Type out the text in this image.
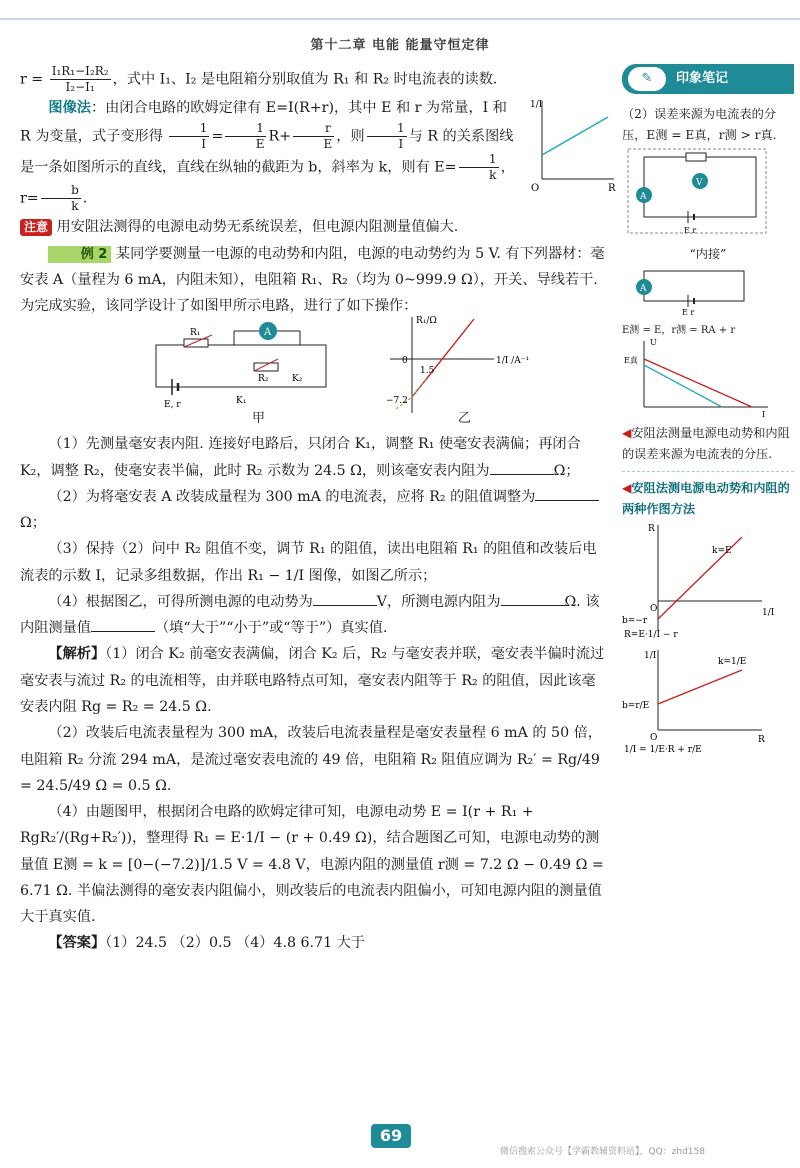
第十二章 电能 能量守恒定律

$r = \frac{\text{I₁R₁−I₂R₂}}{\text{I₂−I₁}}$ ，式中 I₁、I₂ 是电阻箱分别取值为 R₁ 和 R₂ 时电流表的读数.

图像法：由闭合电路的欧姆定律有 E=I(R+r)，其中 E 和 r 为常量，I 和 R 为变量，式子变形得 $\frac{1}{I} = \frac{1}{E} R+ \frac{r}{E}$ ，则 $\frac{1}{I}$ 与 R 的关系图线是一条如图所示的直线，直线在纵轴的截距为 b，斜率为 k，则有 $E= \frac{1}{k}$ ，$r= \frac{b}{k}$ .

1/I
O	R

注意 用安阻法测得的电源电动势无系统误差，但电源内阻测量值偏大.

例 2 某同学要测量一电源的电动势和内阻，电源的电动势约为 5 V. 有下列器材：毫安表 A（量程为 6 mA，内阻未知），电阻箱 R₁、R₂（均为 0~999.9 Ω），开关、导线若干. 为完成实验，该同学设计了如图甲所示电路，进行了如下操作：

R₁	A
R₂	K₂
E, r	K₁
甲
R₁/Ω
0
1.5
−7.2
1/I /A⁻¹
乙

（1）先测量毫安表内阻. 连接好电路后，只闭合 K₁，调整 R₁ 使毫安表满偏；再闭合 K₂，调整 R₂，使毫安表半偏，此时 R₂ 示数为 24.5 Ω，则该毫安表内阻为	Ω；

（2）为将毫安表 A 改装成量程为 300 mA 的电流表，应将 R₂ 的阻值调整为Ω；

（3）保持（2）问中 R₂ 阻值不变，调节 R₁ 的阻值，读出电阻箱 R₁ 的阻值和改装后电流表的示数 I，记录多组数据，作出 R₁ − 1/I 图像，如图乙所示；

（4）根据图乙，可得所测电源的电动势为	V，所测电源内阻为	Ω. 该内阻测量值	（填“大于”“小于”或“等于”）真实值.

【解析】（1）闭合 K₂ 前毫安表满偏，闭合 K₂ 后，R₂ 与毫安表并联，毫安表半偏时流过毫安表与流过 R₂ 的电流相等，由并联电路特点可知，毫安表内阻等于 R₂ 的阻值，因此该毫安表内阻 Rg = R₂ = 24.5 Ω.

（2）改装后电流表量程为 300 mA，改装后电流表量程是毫安表量程 6 mA 的 50 倍，电阻箱 R₂ 分流 294 mA，是流过毫安表电流的 49 倍，电阻箱 R₂ 阻值应调为 R₂′ = Rg/49 = 24.5/49 Ω = 0.5 Ω.

（4）由题图甲，根据闭合电路的欧姆定律可知，电源电动势 E = I(r + R₁ + RgR₂′/(Rg+R₂′))，整理得 R₁ = E·1/I − (r + 0.49 Ω)，结合题图乙可知，电源电动势的测量值 E测 = k = [0−(−7.2)]/1.5 V = 4.8 V，电源内阻的测量值 r测 = 7.2 Ω − 0.49 Ω = 6.71 Ω. 半偏法测得的毫安表内阻偏小，则改装后的电流表内阻偏小，可知电源内阻的测量值大于真实值.

【答案】（1）24.5 （2）0.5 （4）4.8 6.71 大于

✎	印象笔记

（2）误差来源为电流表的分压，E测 = E真，r测 > r真.

V
A
E r

“内接”

A
E r

E测 = E，r测 = RA + r

E真
U
I

◀安阻法测量电源电动势和内阻的误差来源为电流表的分压.

◀安阻法测电源电动势和内阻的两种作图方法

R
1/I
O
k=E
b=−r
R=E·1/I − r

1/I
R
O
k=1/E
b=r/E
1/I = 1/E·R + r/E
69
微信搜索公众号【学霸教辅资料站】，QQ：zhd158
